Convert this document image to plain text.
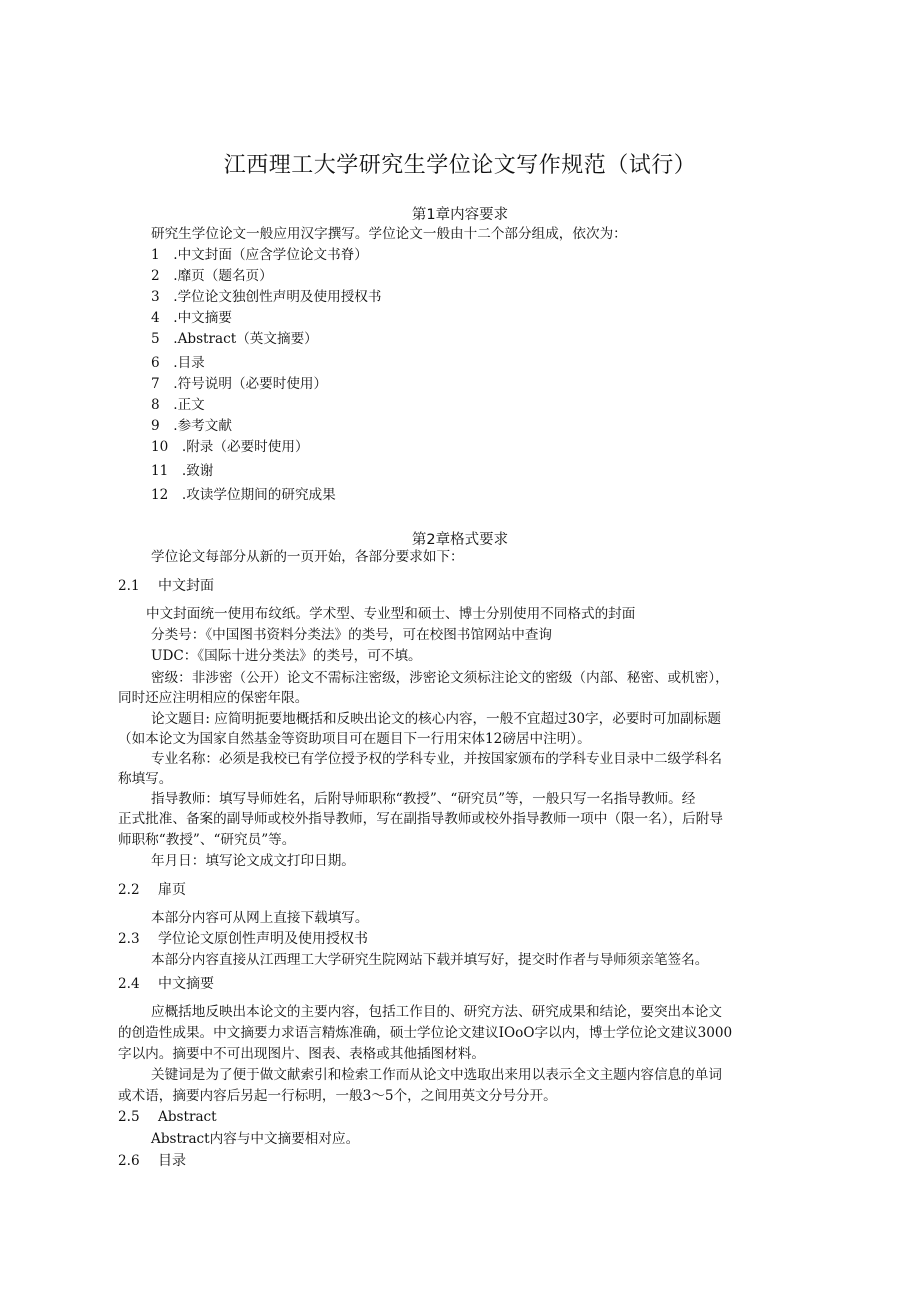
江西理工大学研究生学位论文写作规范（试行）
第1章内容要求
研究生学位论文一般应用汉字撰写。学位论文一般由十二个部分组成，依次为：
1　.中文封面（应含学位论文书脊）
2　.靡页（题名页）
3　.学位论文独创性声明及使用授权书
4　.中文摘要
5　.Abstract（英文摘要）
6　.目录
7　.符号说明（必要时使用）
8　.正文
9　.参考文献
10　.附录（必要时使用）
11　.致谢
12　.攻读学位期间的研究成果
第2章格式要求
学位论文每部分从新的一页开始，各部分要求如下：
2.1 中文封面
中文封面统一使用布纹纸。学术型、专业型和硕士、博士分别使用不同格式的封面
分类号：《中国图书资料分类法》的类号，可在校图书馆网站中查询
UDC：《国际十进分类法》的类号，可不填。
密级：非涉密（公开）论文不需标注密级，涉密论文须标注论文的密级（内部、秘密、或机密），
同时还应注明相应的保密年限。
论文题目: 应简明扼要地概括和反映出论文的核心内容，一般不宜超过30字，必要时可加副标题
（如本论文为国家自然基金等资助项目可在题目下一行用宋体12磅居中注明）。
专业名称：必须是我校已有学位授予权的学科专业，并按国家颁布的学科专业目录中二级学科名
称填写。
指导教师：填写导师姓名，后附导师职称“教授”、“研究员”等，一般只写一名指导教师。经
正式批准、备案的副导师或校外指导教师，写在副指导教师或校外指导教师一项中（限一名），后附导
师职称“教授”、“研究员”等。
年月日：填写论文成文打印日期。
2.2 扉页
本部分内容可从网上直接下载填写。
2.3 学位论文原创性声明及使用授权书
本部分内容直接从江西理工大学研究生院网站下载并填写好，提交时作者与导师须亲笔签名。
2.4 中文摘要
应概括地反映出本论文的主要内容，包括工作目的、研究方法、研究成果和结论，要突出本论文
的创造性成果。中文摘要力求语言精炼准确，硕士学位论文建议IOoO字以内，博士学位论文建议3000
字以内。摘要中不可出现图片、图表、表格或其他插图材料。
关键词是为了便于做文献索引和检索工作而从论文中选取出来用以表示全文主题内容信息的单词
或术语，摘要内容后另起一行标明，一般3～5个，之间用英文分号分开。
2.5 Abstract
Abstract内容与中文摘要相对应。
2.6 目录
